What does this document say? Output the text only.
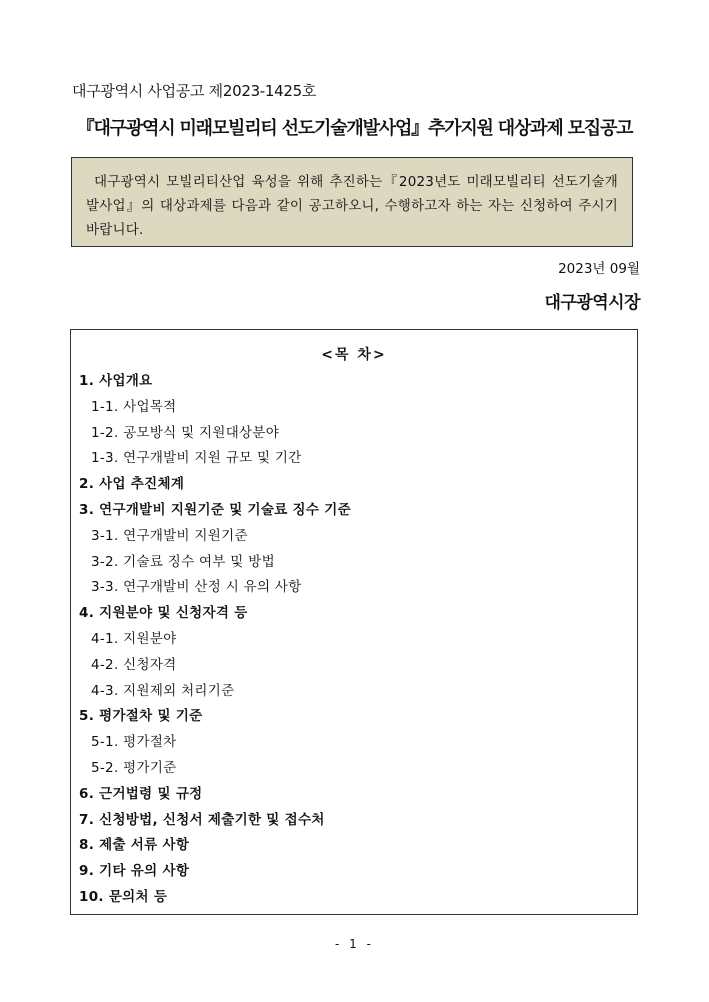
대구광역시 사업공고 제2023-1425호
『대구광역시 미래모빌리티 선도기술개발사업』추가지원 대상과제 모집공고
대구광역시 모빌리티산업 육성을 위해 추진하는『2023년도 미래모빌리티 선도기술개발사업』의 대상과제를 다음과 같이 공고하오니, 수행하고자 하는 자는 신청하여 주시기 바랍니다.
2023년 09월
대구광역시장
<목 차>
1. 사업개요
1-1. 사업목적
1-2. 공모방식 및 지원대상분야
1-3. 연구개발비 지원 규모 및 기간
2. 사업 추진체계
3. 연구개발비 지원기준 및 기술료 징수 기준
3-1. 연구개발비 지원기준
3-2. 기술료 징수 여부 및 방법
3-3. 연구개발비 산정 시 유의 사항
4. 지원분야 및 신청자격 등
4-1. 지원분야
4-2. 신청자격
4-3. 지원제외 처리기준
5. 평가절차 및 기준
5-1. 평가절차
5-2. 평가기준
6. 근거법령 및 규정
7. 신청방법, 신청서 제출기한 및 접수처
8. 제출 서류 사항
9. 기타 유의 사항
10. 문의처 등
- 1 -
